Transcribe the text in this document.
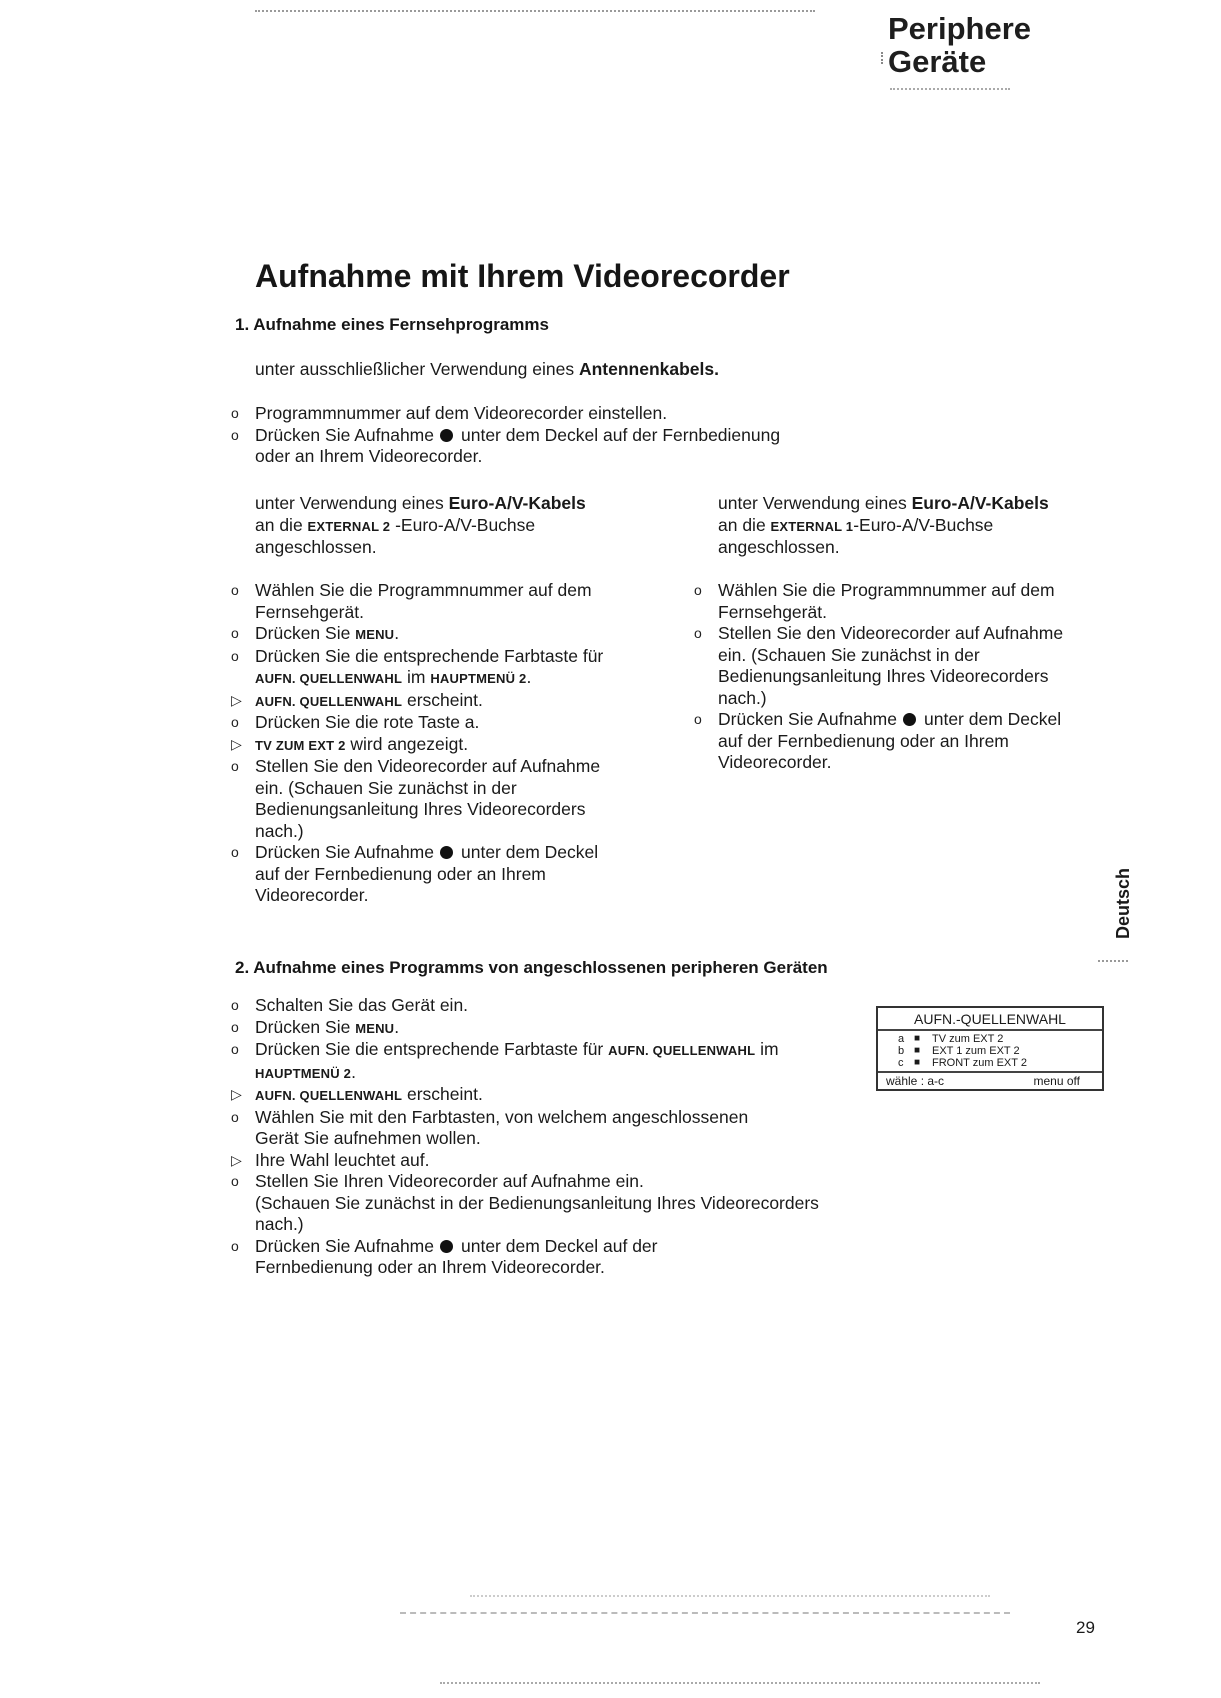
Periphere
Geräte
Aufnahme mit Ihrem Videorecorder
1. Aufnahme eines Fernsehprogramms
unter ausschließlicher Verwendung eines Antennenkabels.
o Programmnummer auf dem Videorecorder einstellen.
o Drücken Sie Aufnahme unter dem Deckel auf der Fernbedienung
oder an Ihrem Videorecorder.
unter Verwendung eines Euro-A/V-Kabels
an die EXTERNAL 2 -Euro-A/V-Buchse
angeschlossen.
unter Verwendung eines Euro-A/V-Kabels
an die EXTERNAL 1-Euro-A/V-Buchse
angeschlossen.
o Wählen Sie die Programmnummer auf dem
Fernsehgerät.
o Drücken Sie MENU.
o Drücken Sie die entsprechende Farbtaste für
AUFN. QUELLENWAHL im HAUPTMENÜ 2.
▷	AUFN. QUELLENWAHL erscheint.
o Drücken Sie die rote Taste a.
▷	TV ZUM EXT 2 wird angezeigt.
o Stellen Sie den Videorecorder auf Aufnahme
ein. (Schauen Sie zunächst in der
Bedienungsanleitung Ihres Videorecorders
nach.)
o Drücken Sie Aufnahme unter dem Deckel
auf der Fernbedienung oder an Ihrem
Videorecorder.
o Wählen Sie die Programmnummer auf dem
Fernsehgerät.
o Stellen Sie den Videorecorder auf Aufnahme
ein. (Schauen Sie zunächst in der
Bedienungsanleitung Ihres Videorecorders
nach.)
o Drücken Sie Aufnahme unter dem Deckel
auf der Fernbedienung oder an Ihrem
Videorecorder.
Deutsch
2. Aufnahme eines Programms von angeschlossenen peripheren Geräten
o Schalten Sie das Gerät ein.
o Drücken Sie MENU.
o Drücken Sie die entsprechende Farbtaste für AUFN. QUELLENWAHL im
HAUPTMENÜ 2.
▷	AUFN. QUELLENWAHL erscheint.
o Wählen Sie mit den Farbtasten, von welchem angeschlossenen
Gerät Sie aufnehmen wollen.
▷ Ihre Wahl leuchtet auf.
o Stellen Sie Ihren Videorecorder auf Aufnahme ein.
(Schauen Sie zunächst in der Bedienungsanleitung Ihres Videorecorders
nach.)
o Drücken Sie Aufnahme unter dem Deckel auf der
Fernbedienung oder an Ihrem Videorecorder.
AUFN.-QUELLENWAHL
a ■	TV zum EXT 2
b ■	EXT 1 zum EXT 2
c	■	FRONT zum EXT 2
wähle : a-c	menu off
29
